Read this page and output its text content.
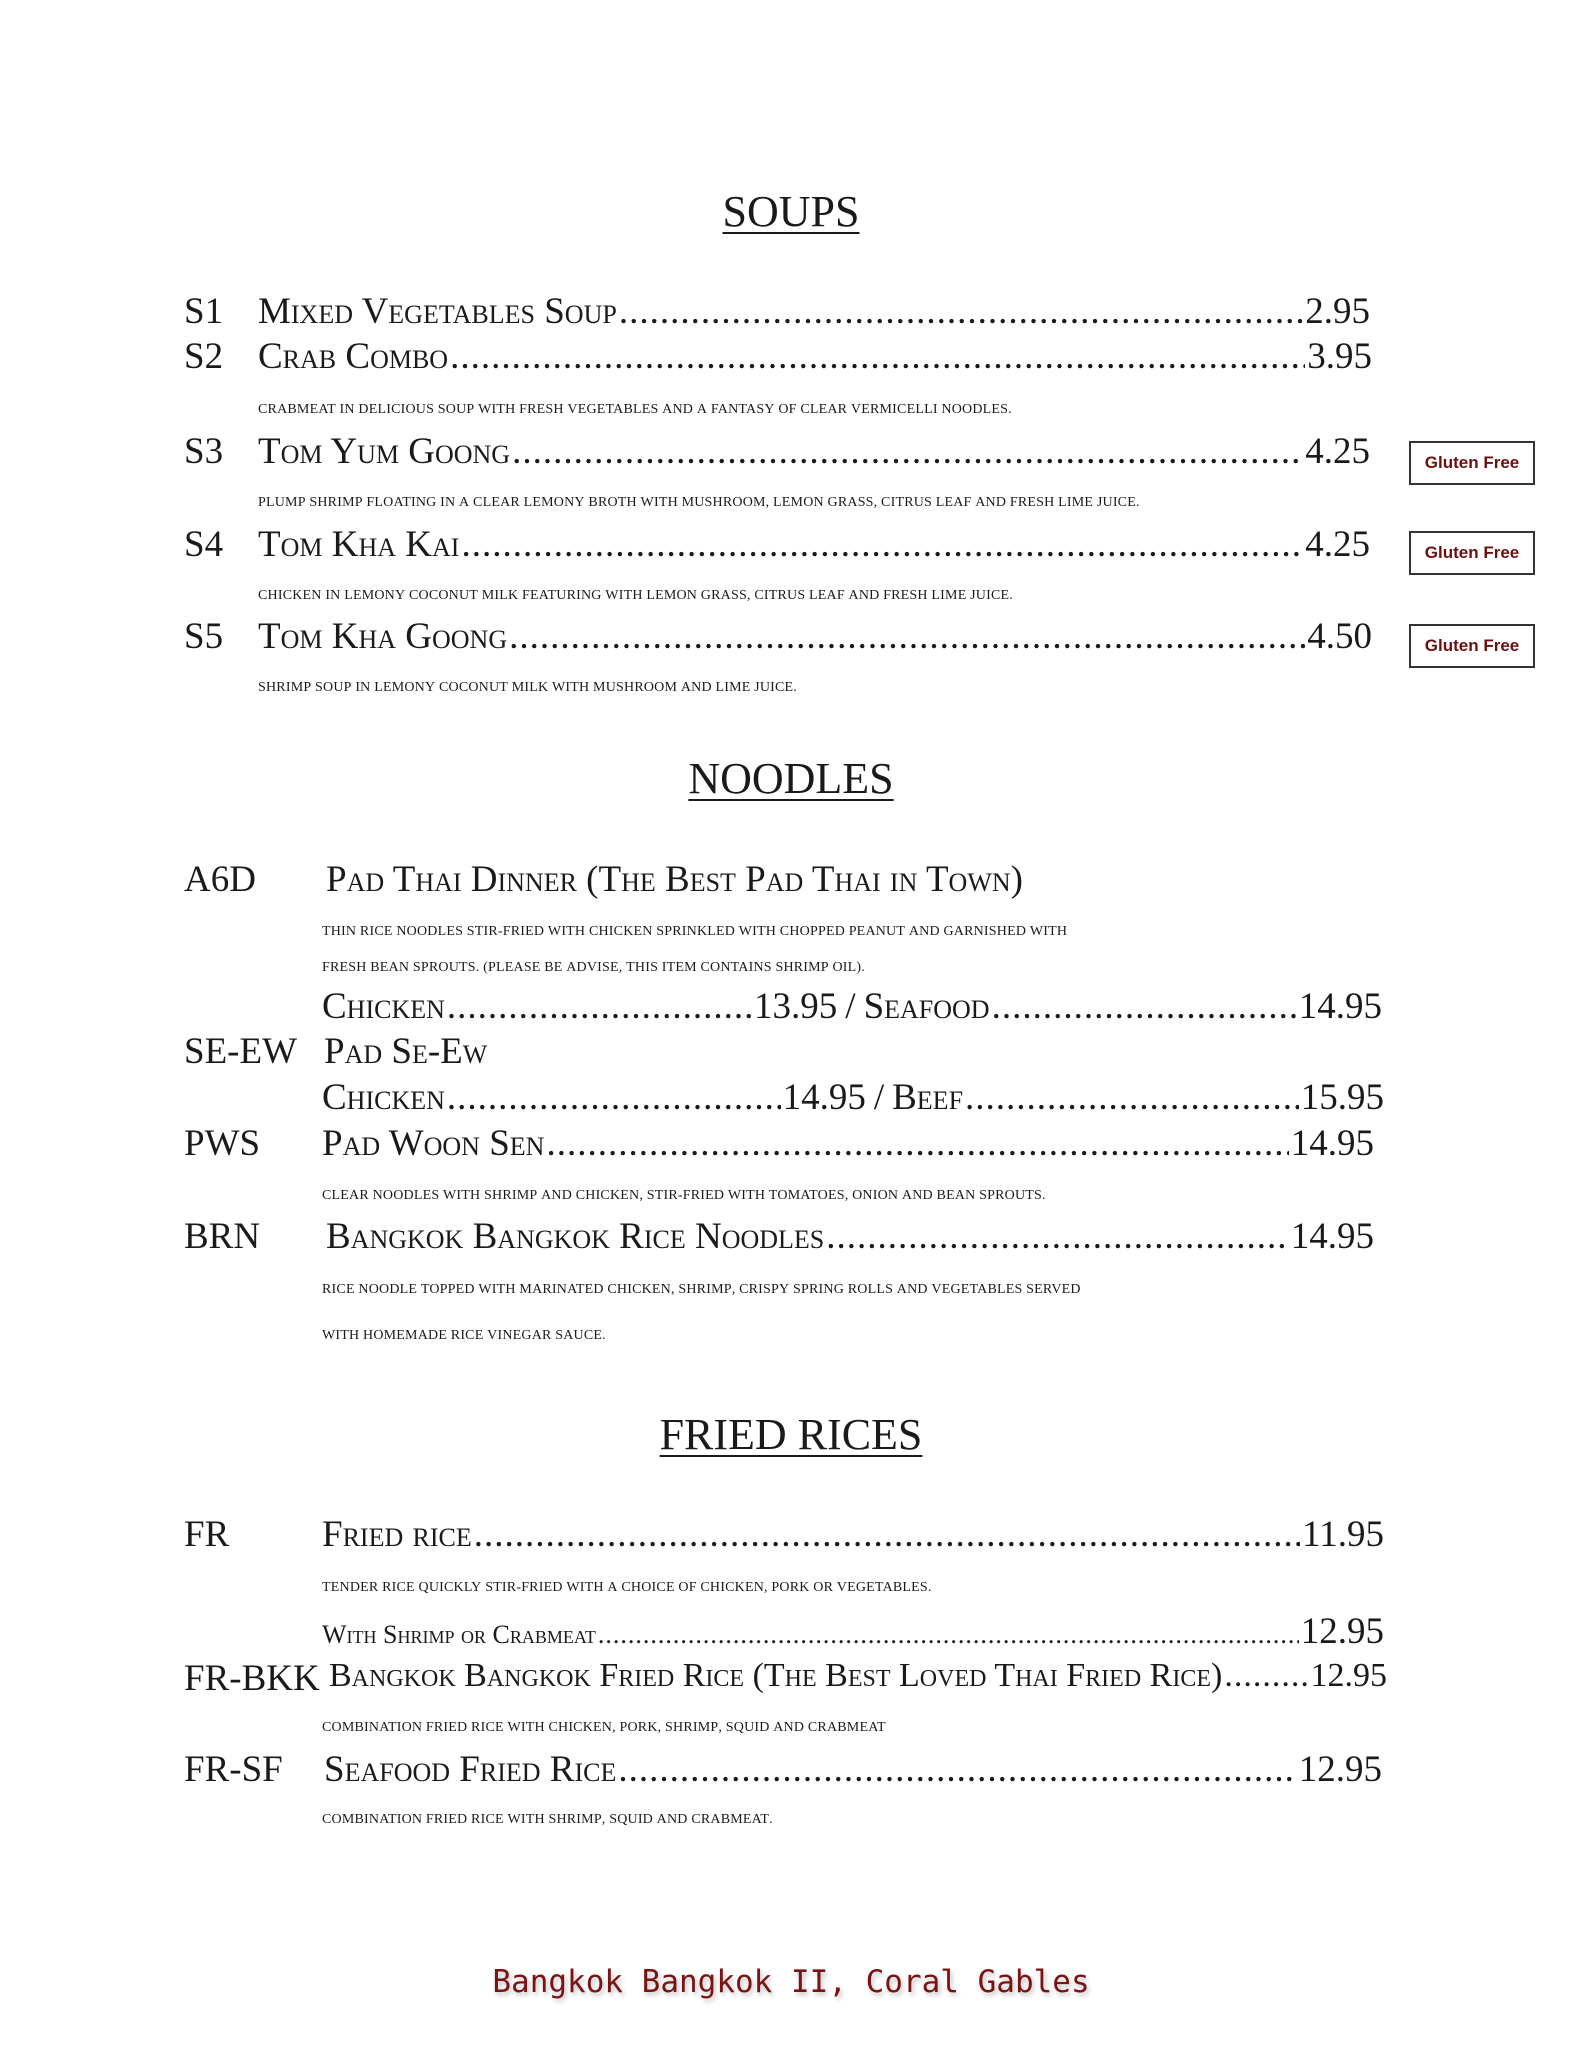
SOUPS
S1 Mixed Vegetables Soup .....	2.95
S2 Crab Combo .....	3.95
Crabmeat in delicious soup with fresh vegetables and a fantasy of clear vermicelli noodles.
S3 Tom Yum Goong .....	4.25	Gluten Free
Plump shrimp floating in a clear lemony broth with mushroom, lemon grass, citrus leaf and fresh lime juice.
S4 Tom Kha Kai .....	4.25	Gluten Free
Chicken in lemony coconut milk featuring with lemon grass, citrus leaf and fresh lime juice.
S5 Tom Kha Goong .....	4.50	Gluten Free
Shrimp soup in lemony coconut milk with mushroom and lime juice.
NOODLES
A6D Pad Thai Dinner (The Best Pad Thai in Town)
Thin rice noodles stir-fried with chicken sprinkled with chopped peanut and garnished with
fresh bean sprouts. (Please be advise, this item contains shrimp oil).
Chicken .....	13.95 / Seafood .....	14.95
SE-EW Pad Se-Ew
Chicken .....	14.95 / Beef .....	15.95
PWS Pad Woon Sen .....	14.95
Clear noodles with shrimp and chicken, stir-fried with tomatoes, onion and bean sprouts.
BRN Bangkok Bangkok Rice Noodles .....	14.95
Rice noodle topped with marinated chicken, shrimp, crispy spring rolls and vegetables served
with homemade rice vinegar sauce.
FRIED RICES
FR	Fried rice .....	11.95
Tender rice quickly stir-fried with a choice of chicken, pork or vegetables.
With Shrimp or Crabmeat .....	12.95
FR-BKK Bangkok Bangkok Fried Rice (The Best Loved Thai Fried Rice) .....	12.95
Combination fried rice with chicken, pork, shrimp, squid and crabmeat
FR-SF Seafood Fried Rice .....	12.95
Combination fried rice with shrimp, squid and crabmeat.
Bangkok Bangkok II, Coral Gables
